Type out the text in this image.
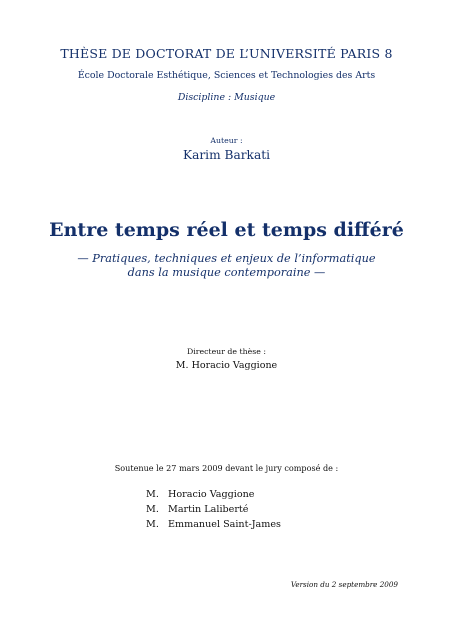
THÈSE DE DOCTORAT DE L’UNIVERSITÉ PARIS 8
École Doctorale Esthétique, Sciences et Technologies des Arts
Discipline : Musique
Auteur :
Karim Barkati
Entre temps réel et temps différé
— Pratiques, techniques et enjeux de l’informatique
dans la musique contemporaine —
Directeur de thèse :
M. Horacio Vaggione
Soutenue le 27 mars 2009 devant le jury composé de :
M. Horacio Vaggione
M. Martin Laliberté
M. Emmanuel Saint-James
Version du 2 septembre 2009
